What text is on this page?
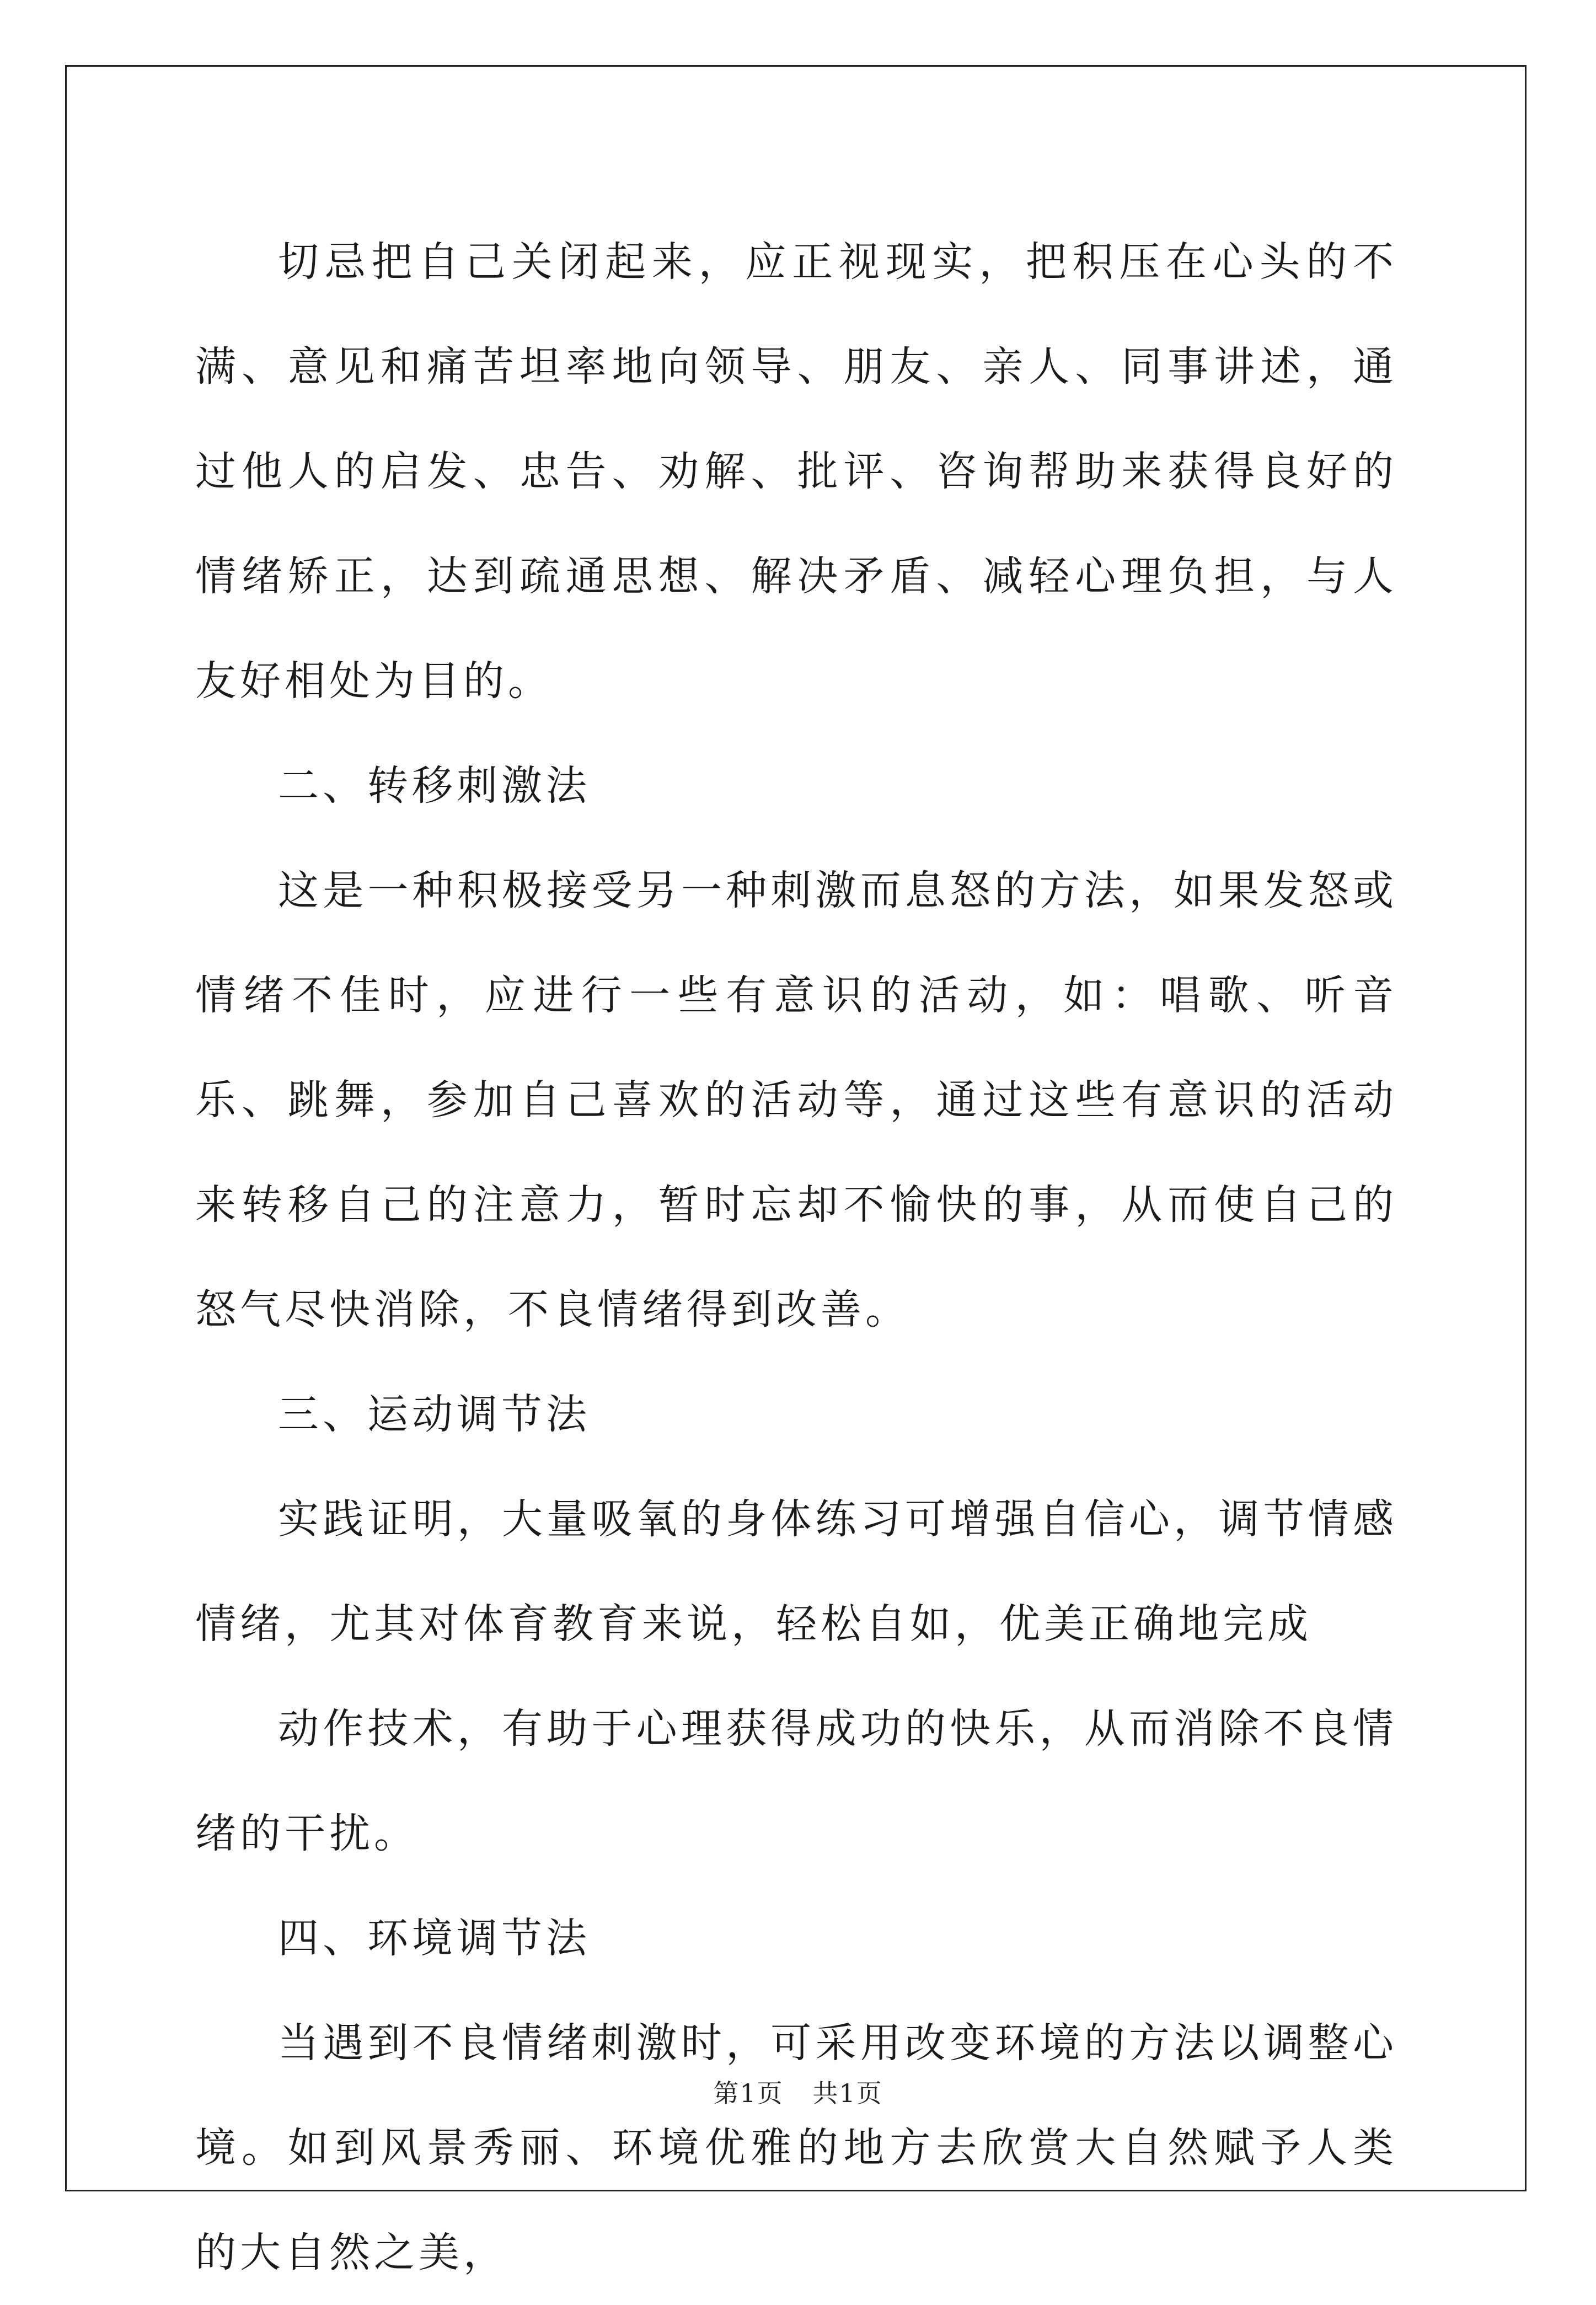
切忌把自己关闭起来，应正视现实，把积压在心头的不满、意见和痛苦坦率地向领导、朋友、亲人、同事讲述，通过他人的启发、忠告、劝解、批评、咨询帮助来获得良好的情绪矫正，达到疏通思想、解决矛盾、减轻心理负担，与人友好相处为目的。

二、转移刺激法

这是一种积极接受另一种刺激而息怒的方法，如果发怒或情绪不佳时，应进行一些有意识的活动，如：唱歌、听音乐、跳舞，参加自己喜欢的活动等，通过这些有意识的活动来转移自己的注意力，暂时忘却不愉快的事，从而使自己的怒气尽快消除，不良情绪得到改善。

三、运动调节法

实践证明，大量吸氧的身体练习可增强自信心，调节情感情绪，尤其对体育教育来说，轻松自如，优美正确地完成

动作技术，有助于心理获得成功的快乐，从而消除不良情绪的干扰。

四、环境调节法

当遇到不良情绪刺激时，可采用改变环境的方法以调整心境。如到风景秀丽、环境优雅的地方去欣赏大自然赋予人类的大自然之美，

第1页 共1页
